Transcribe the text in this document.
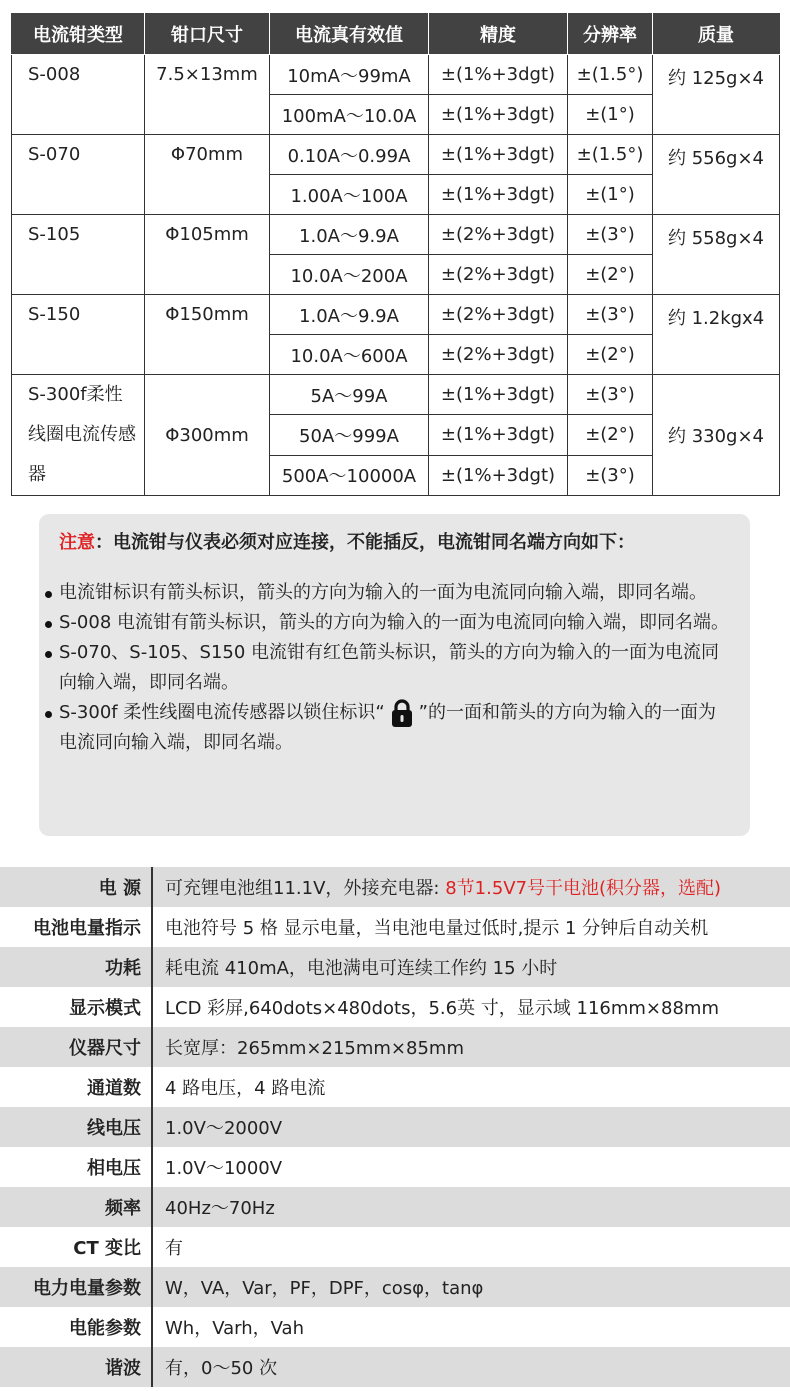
电流钳类型	钳口尺寸	电流真有效值	精度	分辨率	质量
S-008	7.5×13mm	10mA～99mA	±(1%+3dgt)	±(1.5°)	约 125g×4
		100mA～10.0A	±(1%+3dgt)	±(1°)	
S-070	Φ70mm	0.10A～0.99A	±(1%+3dgt)	±(1.5°)	约 556g×4
		1.00A～100A	±(1%+3dgt)	±(1°)	
S-105	Φ105mm	1.0A～9.9A	±(2%+3dgt)	±(3°)	约 558g×4
		10.0A～200A	±(2%+3dgt)	±(2°)	
S-150	Φ150mm	1.0A～9.9A	±(2%+3dgt)	±(3°)	约 1.2kgx4
		10.0A～600A	±(2%+3dgt)	±(2°)	
S-300f柔性线圈电流传感器	Φ300mm	5A～99A	±(1%+3dgt)	±(3°)	约 330g×4
		50A～999A	±(1%+3dgt)	±(2°)	
		500A～10000A	±(1%+3dgt)	±(3°)	
注意：电流钳与仪表必须对应连接，不能插反，电流钳同名端方向如下：
电流钳标识有箭头标识，箭头的方向为输入的一面为电流同向输入端，即同名端。
S-008 电流钳有箭头标识，箭头的方向为输入的一面为电流同向输入端，即同名端。
S-070、S-105、S150 电流钳有红色箭头标识，箭头的方向为输入的一面为电流同向输入端，即同名端。
S-300f 柔性线圈电流传感器以锁住标识“ ”的一面和箭头的方向为输入的一面为电流同向输入端，即同名端。
电 源	可充锂电池组11.1V，外接充电器: 8节1.5V7号干电池(积分器，选配)
电池电量指示	电池符号 5 格 显示电量，当电池电量过低时,提示 1 分钟后自动关机
功耗	耗电流 410mA，电池满电可连续工作约 15 小时
显示模式	LCD 彩屏,640dots×480dots，5.6英 寸，显示域 116mm×88mm
仪器尺寸	长宽厚：265mm×215mm×85mm
通道数	4 路电压，4 路电流
线电压	1.0V～2000V
相电压	1.0V～1000V
频率	40Hz～70Hz
CT 变比	有
电力电量参数	W，VA，Var，PF，DPF，cosφ，tanφ
电能参数	Wh，Varh，Vah
谐波	有，0～50 次
